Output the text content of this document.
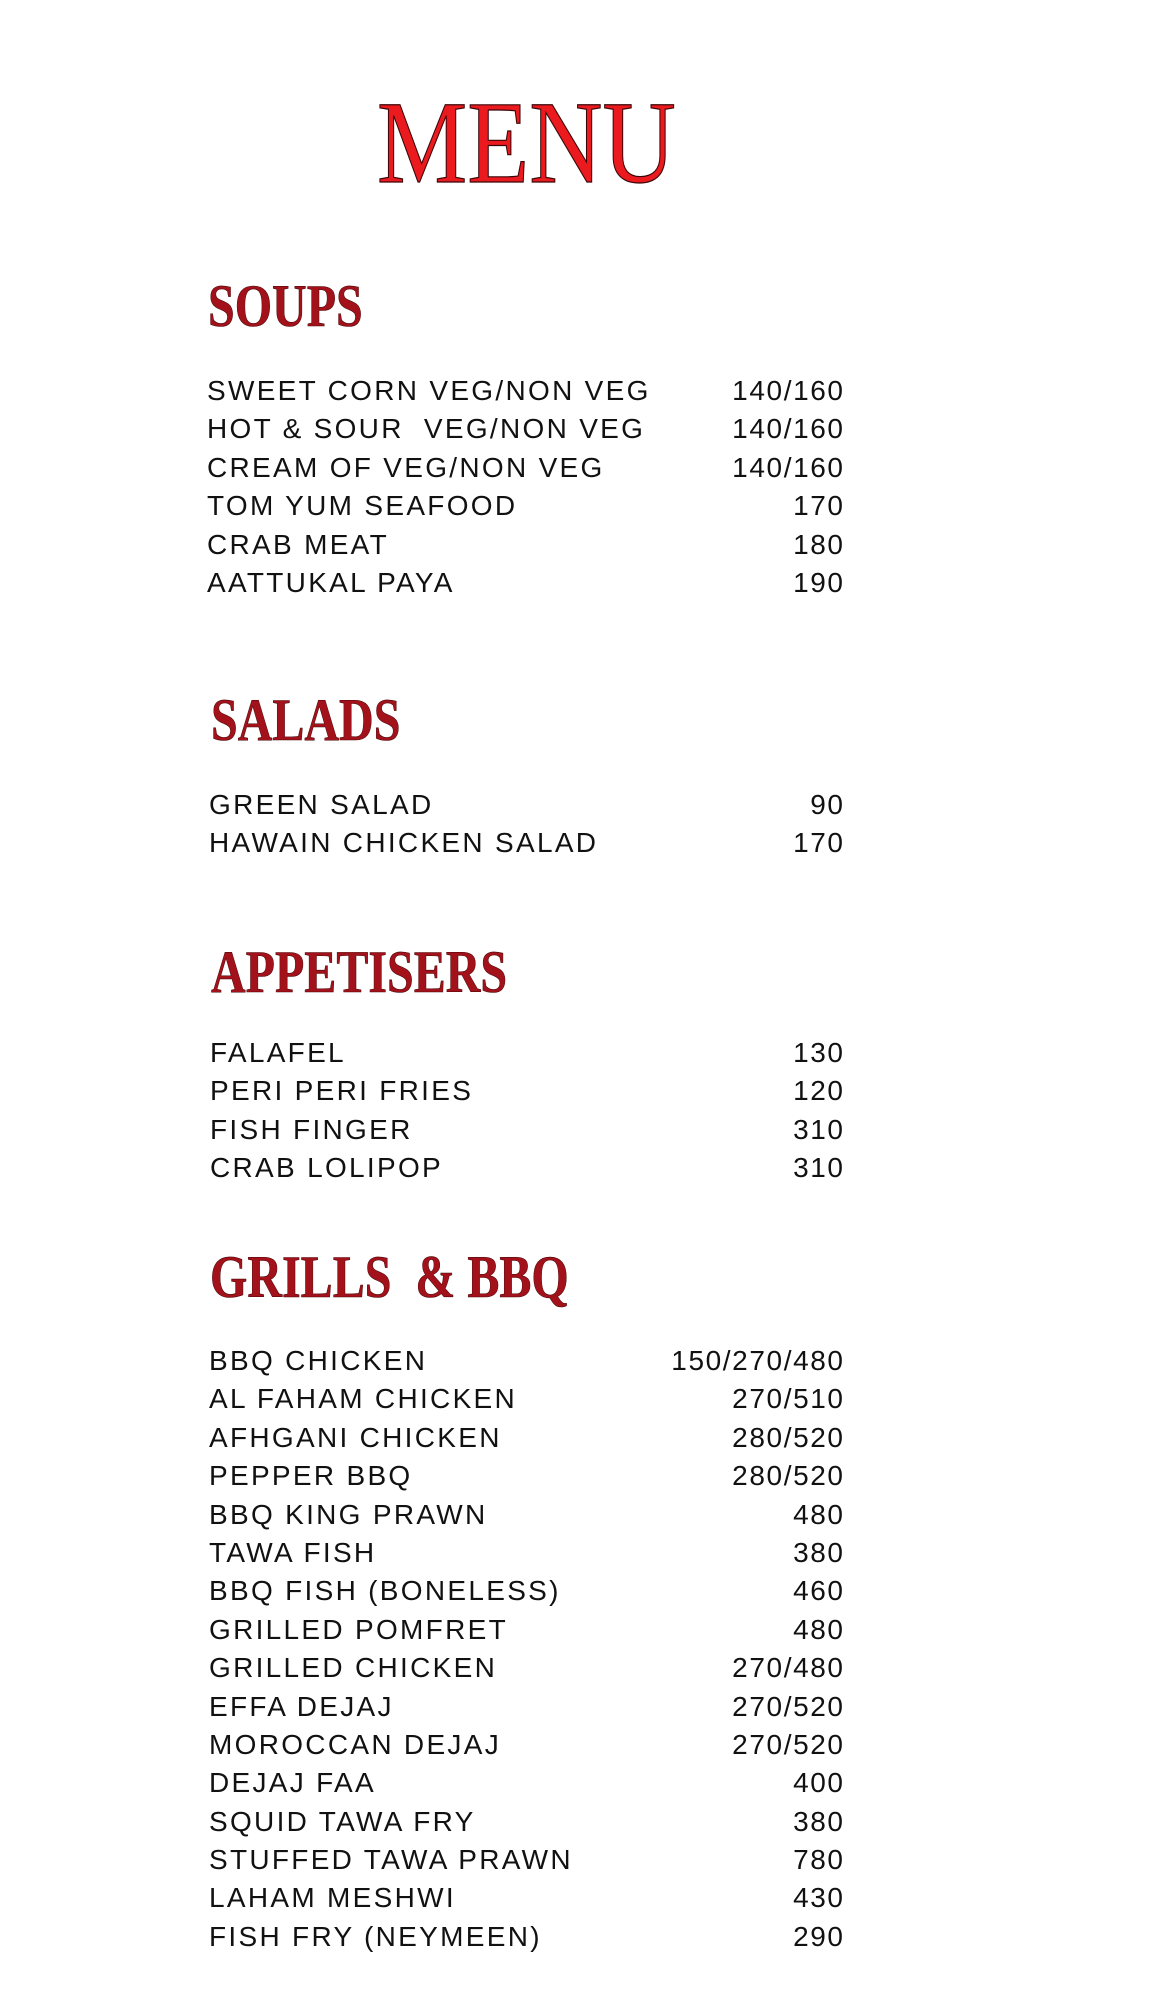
MENU
SOUPS
SWEET CORN VEG/NON VEG	140/160
HOT & SOUR  VEG/NON VEG	140/160
CREAM OF VEG/NON VEG	140/160
TOM YUM SEAFOOD	170
CRAB MEAT	180
AATTUKAL PAYA	190
SALADS
GREEN SALAD	90
HAWAIN CHICKEN SALAD	170
APPETISERS
FALAFEL	130
PERI PERI FRIES	120
FISH FINGER	310
CRAB LOLIPOP	310
GRILLS  & BBQ
BBQ CHICKEN	150/270/480
AL FAHAM CHICKEN	270/510
AFHGANI CHICKEN	280/520
PEPPER BBQ	280/520
BBQ KING PRAWN	480
TAWA FISH	380
BBQ FISH (BONELESS)	460
GRILLED POMFRET	480
GRILLED CHICKEN	270/480
EFFA DEJAJ	270/520
MOROCCAN DEJAJ	270/520
DEJAJ FAA	400
SQUID TAWA FRY	380
STUFFED TAWA PRAWN	780
LAHAM MESHWI	430
FISH FRY (NEYMEEN)	290
